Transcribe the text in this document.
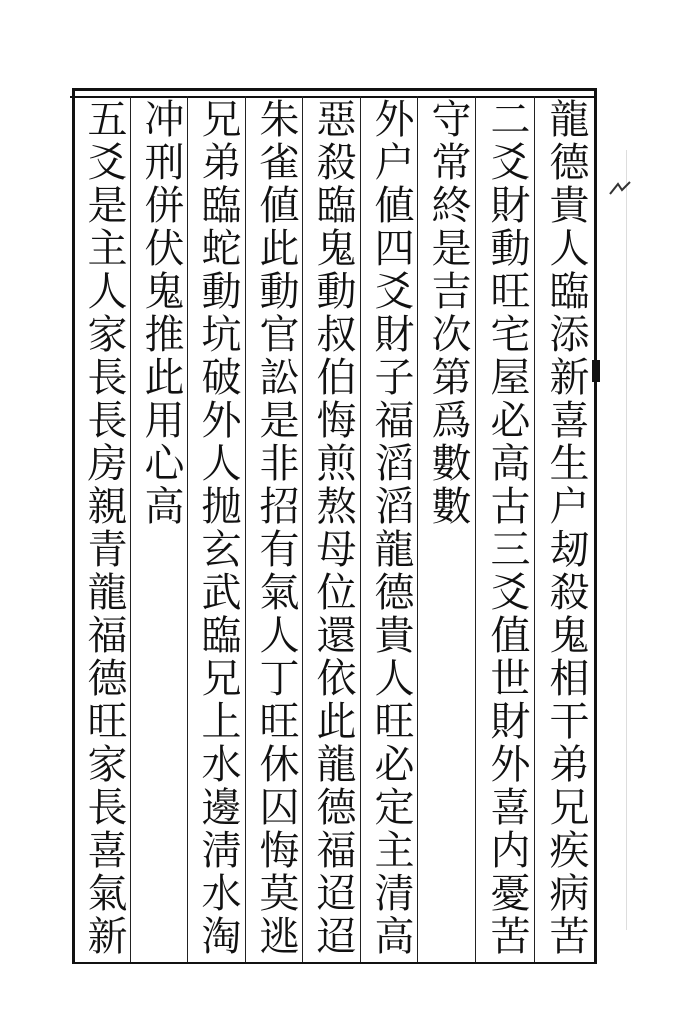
龍德貴人臨添新喜生户刼殺鬼相干弟兄疾病苦
二爻財動旺宅屋必高古三爻值世財外喜内憂苦
守常終是吉次第爲數數
外户値四爻財子福滔滔龍德貴人旺必定主清高
惡殺臨鬼動叔伯悔煎熬母位還依此龍德福迢迢
朱雀値此動官訟是非招有氣人丁旺休囚悔莫逃
兄弟臨蛇動坑破外人抛玄武臨兄上水邊淸水淘
冲刑併伏鬼推此用心高
五爻是主人家長長房親青龍福德旺家長喜氣新
